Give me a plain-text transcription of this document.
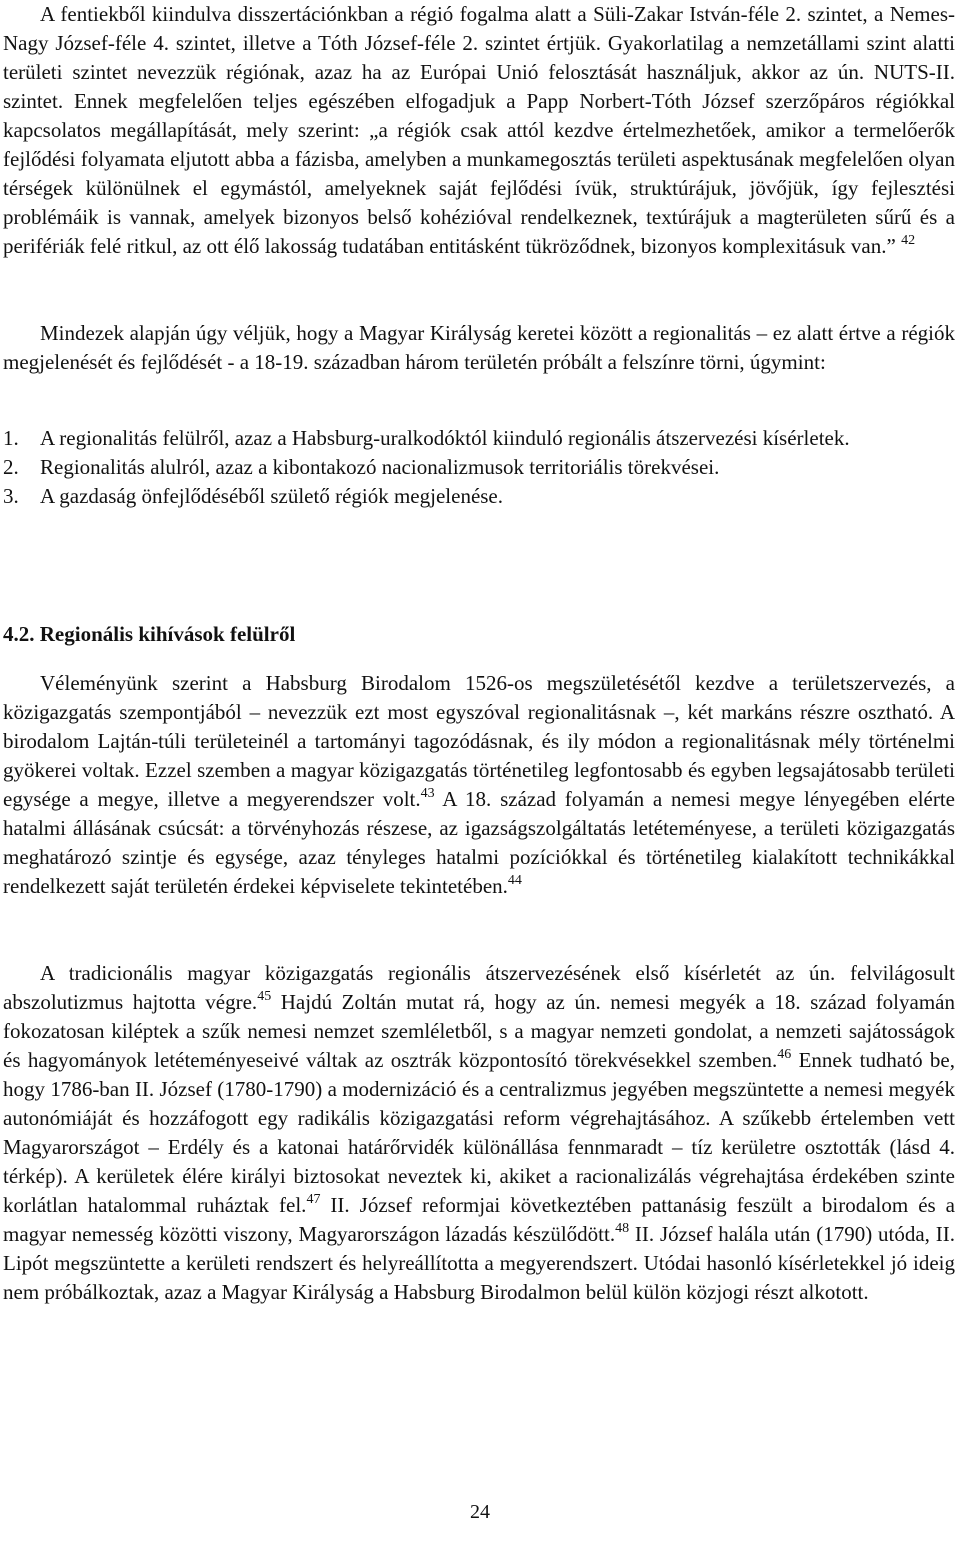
A fentiekből kiindulva disszertációnkban a régió fogalma alatt a Süli-Zakar István-féle 2. szintet, a Nemes-Nagy József-féle 4. szintet, illetve a Tóth József-féle 2. szintet értjük. Gyakorlatilag a nemzetállami szint alatti területi szintet nevezzük régiónak, azaz ha az Európai Unió felosztását használjuk, akkor az ún. NUTS-II. szintet. Ennek megfelelően teljes egészében elfogadjuk a Papp Norbert-Tóth József szerzőpáros régiókkal kapcsolatos megállapítását, mely szerint: „a régiók csak attól kezdve értelmezhetőek, amikor a termelőerők fejlődési folyamata eljutott abba a fázisba, amelyben a munkamegosztás területi aspektusának megfelelően olyan térségek különülnek el egymástól, amelyeknek saját fejlődési ívük, struktúrájuk, jövőjük, így fejlesztési problémáik is vannak, amelyek bizonyos belső kohézióval rendelkeznek, textúrájuk a magterületen sűrű és a perifériák felé ritkul, az ott élő lakosság tudatában entitásként tükröződnek, bizonyos komplexitásuk van.” $^{42}$

Mindezek alapján úgy véljük, hogy a Magyar Királyság keretei között a regionalitás – ez alatt értve a régiók megjelenését és fejlődését - a 18-19. században három területén próbált a felszínre törni, úgymint:

1. A regionalitás felülről, azaz a Habsburg-uralkodóktól kiinduló regionális átszervezési kísérletek.
2. Regionalitás alulról, azaz a kibontakozó nacionalizmusok territoriális törekvései.
3. A gazdaság önfejlődéséből születő régiók megjelenése.
4.2. Regionális kihívások felülről

Véleményünk szerint a Habsburg Birodalom 1526-os megszületésétől kezdve a területszervezés, a közigazgatás szempontjából – nevezzük ezt most egyszóval regionalitásnak –, két markáns részre osztható. A birodalom Lajtán-túli területeinél a tartományi tagozódásnak, és ily módon a regionalitásnak mély történelmi gyökerei voltak. Ezzel szemben a magyar közigazgatás történetileg legfontosabb és egyben legsajátosabb területi egysége a megye, illetve a megyerendszer volt.$^{43}$ A 18. század folyamán a nemesi megye lényegében elérte hatalmi állásának csúcsát: a törvényhozás részese, az igazságszolgáltatás letéteményese, a területi közigazgatás meghatározó szintje és egysége, azaz tényleges hatalmi pozíciókkal és történetileg kialakított technikákkal rendelkezett saját területén érdekei képviselete tekintetében.$^{44}$

A tradicionális magyar közigazgatás regionális átszervezésének első kísérletét az ún. felvilágosult abszolutizmus hajtotta végre.$^{45}$ Hajdú Zoltán mutat rá, hogy az ún. nemesi megyék a 18. század folyamán fokozatosan kiléptek a szűk nemesi nemzet szemléletből, s a magyar nemzeti gondolat, a nemzeti sajátosságok és hagyományok letéteményeseivé váltak az osztrák központosító törekvésekkel szemben.$^{46}$ Ennek tudható be, hogy 1786-ban II. József (1780-1790) a modernizáció és a centralizmus jegyében megszüntette a nemesi megyék autonómiáját és hozzáfogott egy radikális közigazgatási reform végrehajtásához. A szűkebb értelemben vett Magyarországot – Erdély és a katonai határőrvidék különállása fennmaradt – tíz kerületre osztották (lásd 4. térkép). A kerületek élére királyi biztosokat neveztek ki, akiket a racionalizálás végrehajtása érdekében szinte korlátlan hatalommal ruháztak fel.$^{47}$ II. József reformjai következtében pattanásig feszült a birodalom és a magyar nemesség közötti viszony, Magyarországon lázadás készülődött.$^{48}$ II. József halála után (1790) utóda, II. Lipót megszüntette a kerületi rendszert és helyreállította a megyerendszert. Utódai hasonló kísérletekkel jó ideig nem próbálkoztak, azaz a Magyar Királyság a Habsburg Birodalmon belül külön közjogi részt alkotott.

24
